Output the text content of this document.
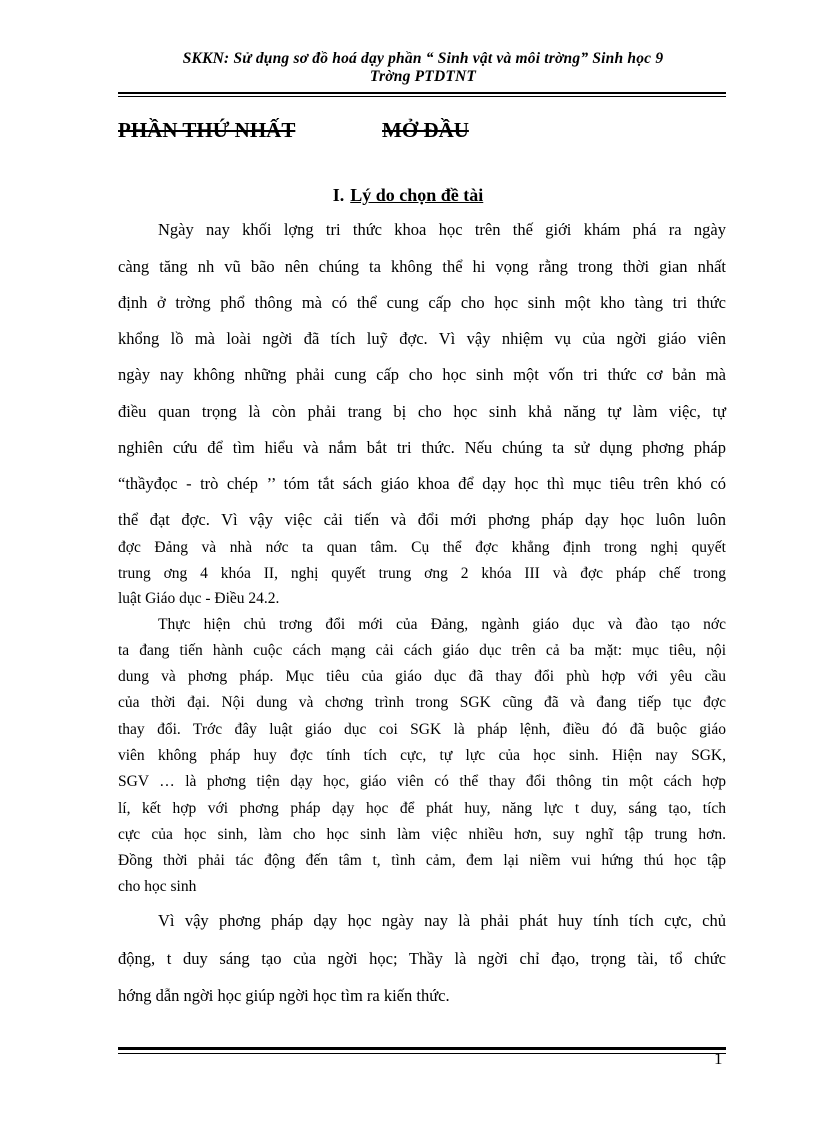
SKKN: Sử dụng sơ đồ hoá dạy phần “ Sinh vật và môi trờng” Sinh học 9
Trờng PTDTNT
PHẦN THỨ NHẤT	MỞ ĐẦU
I. Lý do chọn đề tài
Ngày nay khối lợng tri thức khoa học trên thế giới khám phá ra ngày
càng tăng nh vũ bão nên chúng ta không thể hi vọng rằng trong thời gian nhất
định ở trờng phổ thông mà có thể cung cấp cho học sinh một kho tàng tri thức
khổng lồ mà loài ngời đã tích luỹ đợc. Vì vậy nhiệm vụ của ngời giáo viên
ngày nay không những phải cung cấp cho học sinh một vốn tri thức cơ bản mà
điều quan trọng là còn phải trang bị cho học sinh khả năng tự làm việc, tự
nghiên cứu để tìm hiểu và nắm bắt tri thức. Nếu chúng ta sử dụng phơng pháp
“thầyđọc - trò chép ’’ tóm tắt sách giáo khoa để dạy học thì mục tiêu trên khó có
thể đạt đợc. Vì vậy việc cải tiến và đổi mới phơng pháp dạy học luôn luôn
đợc Đảng và nhà nớc ta quan tâm. Cụ thể đợc khẳng định trong nghị quyết
trung ơng 4 khóa II, nghị quyết trung ơng 2 khóa III và đợc pháp chế trong
luật Giáo dục - Điều 24.2.
Thực hiện chủ trơng đổi mới của Đảng, ngành giáo dục và đào tạo nớc
ta đang tiến hành cuộc cách mạng cải cách giáo dục trên cả ba mặt: mục tiêu, nội
dung và phơng pháp. Mục tiêu của giáo dục đã thay đổi phù hợp với yêu cầu
của thời đại. Nội dung và chơng trình trong SGK cũng đã và đang tiếp tục đợc
thay đổi. Trớc đây luật giáo dục coi SGK là pháp lệnh, điều đó đã buộc giáo
viên không pháp huy đợc tính tích cực, tự lực của học sinh. Hiện nay SGK,
SGV … là phơng tiện dạy học, giáo viên có thể thay đổi thông tin một cách hợp
lí, kết hợp với phơng pháp dạy học để phát huy, năng lực t duy, sáng tạo, tích
cực của học sinh, làm cho học sinh làm việc nhiều hơn, suy nghĩ tập trung hơn.
Đồng thời phải tác động đến tâm t, tình cảm, đem lại niềm vui hứng thú học tập
cho học sinh
Vì vậy phơng pháp dạy học ngày nay là phải phát huy tính tích cực, chủ
động, t duy sáng tạo của ngời học; Thầy là ngời chỉ đạo, trọng tài, tổ chức
hớng dẫn ngời học giúp ngời học tìm ra kiến thức.
1
